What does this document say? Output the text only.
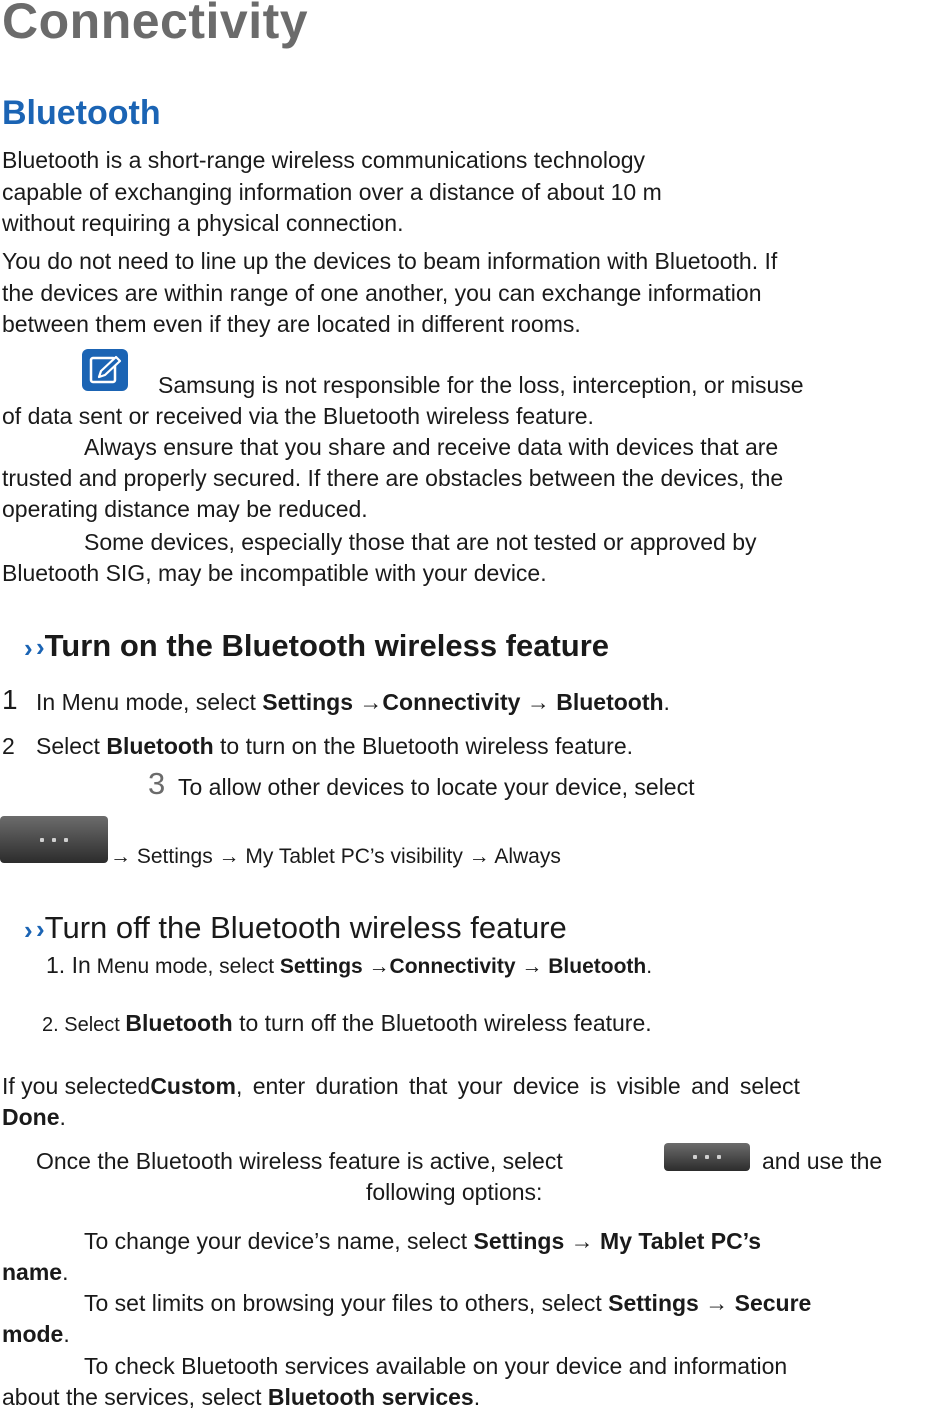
Connectivity
Bluetooth
Bluetooth is a short-range wireless communications technology
capable of exchanging information over a distance of about 10 m
without requiring a physical connection.
You do not need to line up the devices to beam information with Bluetooth. If
the devices are within range of one another, you can exchange information
between them even if they are located in different rooms.
Samsung is not responsible for the loss, interception, or misuse
of data sent or received via the Bluetooth wireless feature.
Always ensure that you share and receive data with devices that are
trusted and properly secured. If there are obstacles between the devices, the
operating distance may be reduced.
Some devices, especially those that are not tested or approved by
Bluetooth SIG, may be incompatible with your device.
› ›Turn on the Bluetooth wireless feature
1 In Menu mode, select Settings →Connectivity → Bluetooth.
2 Select Bluetooth to turn on the Bluetooth wireless feature.
3 To allow other devices to locate your device, select
→ Settings → My Tablet PC’s visibility → Always
› ›Turn off the Bluetooth wireless feature
1. In Menu mode, select Settings →Connectivity → Bluetooth.
2. Select Bluetooth to turn off the Bluetooth wireless feature.
If you selected Custom , enter duration that your device is visible and select
Done.
Once the Bluetooth wireless feature is active, select	and use the
following options:
To change your device’s name, select Settings → My Tablet PC’s
name.
To set limits on browsing your files to others, select Settings → Secure
mode.
To check Bluetooth services available on your device and information
about the services, select Bluetooth services.
